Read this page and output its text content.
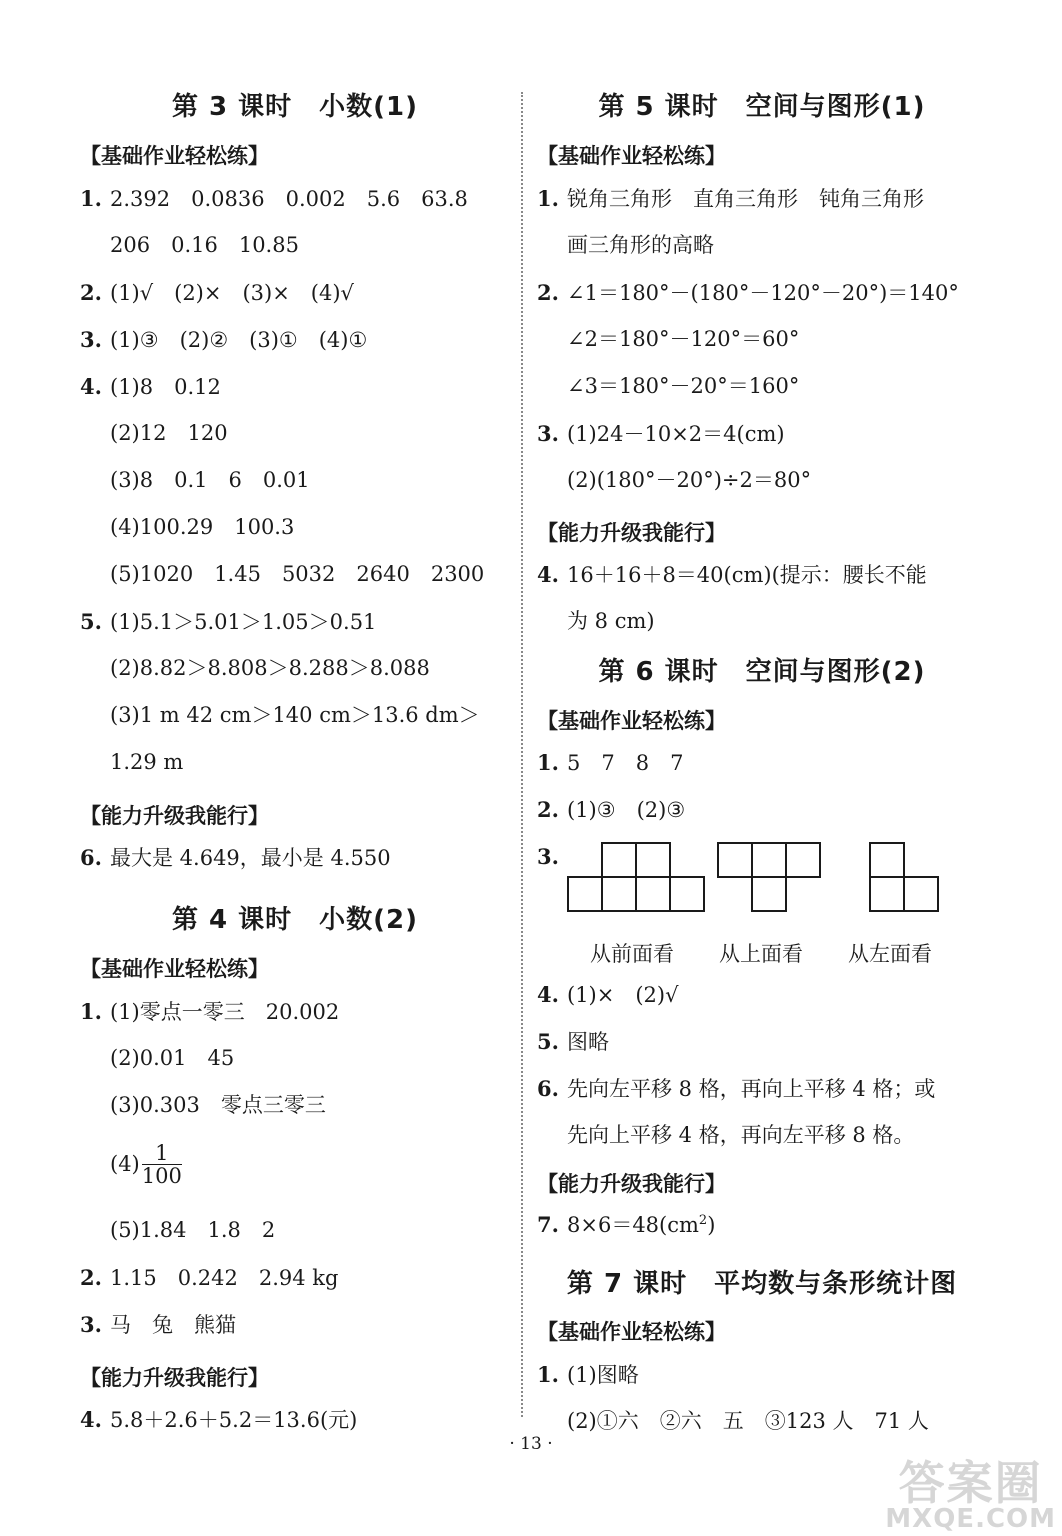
第 3 课时　小数(1)
【基础作业轻松练】
1. 2.392　0.0836　0.002　5.6　63.8
206　0.16　10.85
2. (1)√　(2)×　(3)×　(4)√
3. (1)③　(2)②　(3)①　(4)①
4. (1)8　0.12
(2)12　120
(3)8　0.1　6　0.01
(4)100.29　100.3
(5)1020　1.45　5032　2640　2300
5. (1)5.1＞5.01＞1.05＞0.51
(2)8.82＞8.808＞8.288＞8.088
(3)1 m 42 cm＞140 cm＞13.6 dm＞
1.29 m
【能力升级我能行】
6. 最大是 4.649，最小是 4.550
第 4 课时　小数(2)
【基础作业轻松练】
1. (1)零点一零三　20.002
(2)0.01　45
(3)0.303　零点三零三
$(4) \frac{1}{100}$
(5)1.84　1.8　2
2. 1.15　0.242　2.94 kg
3. 马　兔　熊猫
【能力升级我能行】
4. 5.8＋2.6＋5.2＝13.6(元)
第 5 课时　空间与图形(1)
【基础作业轻松练】
1. 锐角三角形　直角三角形　钝角三角形
画三角形的高略
2. ∠1＝180°－(180°－120°－20°)＝140°
∠2＝180°－120°＝60°
∠3＝180°－20°＝160°
3. (1)24－10×2＝4(cm)
(2)(180°－20°)÷2＝80°
【能力升级我能行】
4. 16＋16＋8＝40(cm)(提示：腰长不能
为 8 cm)
第 6 课时　空间与图形(2)
【基础作业轻松练】
1. 5　7　8　7
2. (1)③　(2)③
3.
从前面看 从上面看 从左面看
4. (1)×　(2)√
5. 图略
6. 先向左平移 8 格，再向上平移 4 格；或
先向上平移 4 格，再向左平移 8 格。
【能力升级我能行】
7. $8\times 6=48(cm^2)$
第 7 课时　平均数与条形统计图
【基础作业轻松练】
1. (1)图略
(2)①六　②六　五　③123 人　71 人
· 13 ·
答案圈
MXQE.COM
